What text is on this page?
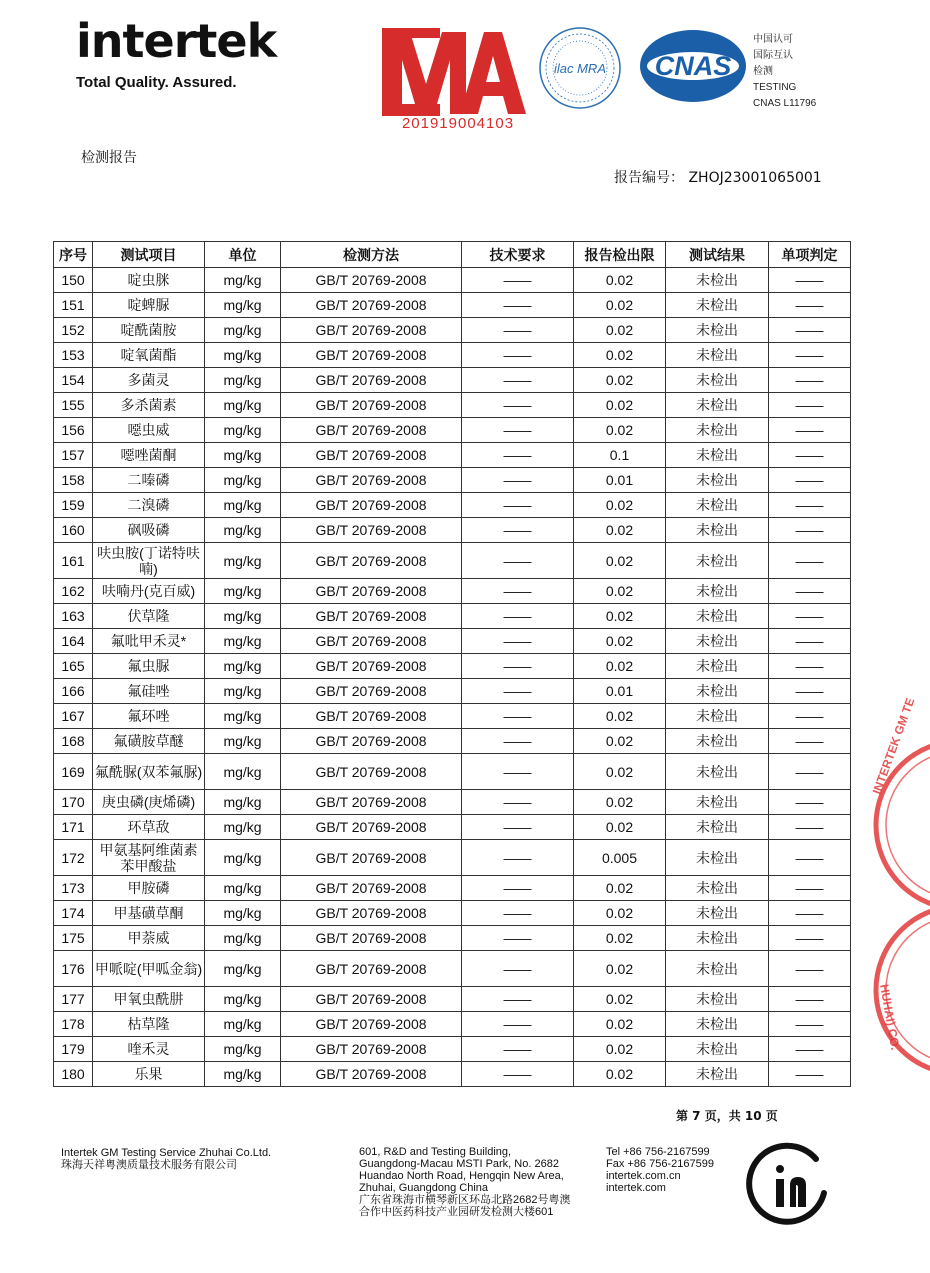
intertek
Total Quality. Assured.
201919004103
ilac MRA CNAS
中国认可
国际互认
检测
TESTING
CNAS L11796
检测报告
报告编号： ZHOJ23001065001
序号	测试项目	单位	检测方法	技术要求	报告检出限	测试结果	单项判定
150	啶虫脒	mg/kg	GB/T 20769-2008	——	0.02	未检出	——
151	啶蜱脲	mg/kg	GB/T 20769-2008	——	0.02	未检出	——
152	啶酰菌胺	mg/kg	GB/T 20769-2008	——	0.02	未检出	——
153	啶氧菌酯	mg/kg	GB/T 20769-2008	——	0.02	未检出	——
154	多菌灵	mg/kg	GB/T 20769-2008	——	0.02	未检出	——
155	多杀菌素	mg/kg	GB/T 20769-2008	——	0.02	未检出	——
156	噁虫威	mg/kg	GB/T 20769-2008	——	0.02	未检出	——
157	噁唑菌酮	mg/kg	GB/T 20769-2008	——	0.1	未检出	——
158	二嗪磷	mg/kg	GB/T 20769-2008	——	0.01	未检出	——
159	二溴磷	mg/kg	GB/T 20769-2008	——	0.02	未检出	——
160	砜吸磷	mg/kg	GB/T 20769-2008	——	0.02	未检出	——
161	呋虫胺(丁诺特呋喃)	mg/kg	GB/T 20769-2008	——	0.02	未检出	——
162	呋喃丹(克百威)	mg/kg	GB/T 20769-2008	——	0.02	未检出	——
163	伏草隆	mg/kg	GB/T 20769-2008	——	0.02	未检出	——
164	氟吡甲禾灵*	mg/kg	GB/T 20769-2008	——	0.02	未检出	——
165	氟虫脲	mg/kg	GB/T 20769-2008	——	0.02	未检出	——
166	氟硅唑	mg/kg	GB/T 20769-2008	——	0.01	未检出	——
167	氟环唑	mg/kg	GB/T 20769-2008	——	0.02	未检出	——
168	氟磺胺草醚	mg/kg	GB/T 20769-2008	——	0.02	未检出	——
169	氟酰脲(双苯氟脲)	mg/kg	GB/T 20769-2008	——	0.02	未检出	——
170	庚虫磷(庚烯磷)	mg/kg	GB/T 20769-2008	——	0.02	未检出	——
171	环草敌	mg/kg	GB/T 20769-2008	——	0.02	未检出	——
172	甲氨基阿维菌素苯甲酸盐	mg/kg	GB/T 20769-2008	——	0.005	未检出	——
173	甲胺磷	mg/kg	GB/T 20769-2008	——	0.02	未检出	——
174	甲基磺草酮	mg/kg	GB/T 20769-2008	——	0.02	未检出	——
175	甲萘威	mg/kg	GB/T 20769-2008	——	0.02	未检出	——
176	甲哌啶(甲呱金翁)	mg/kg	GB/T 20769-2008	——	0.02	未检出	——
177	甲氧虫酰肼	mg/kg	GB/T 20769-2008	——	0.02	未检出	——
178	枯草隆	mg/kg	GB/T 20769-2008	——	0.02	未检出	——
179	喹禾灵	mg/kg	GB/T 20769-2008	——	0.02	未检出	——
180	乐果	mg/kg	GB/T 20769-2008	——	0.02	未检出	——
第 7 页，共 10 页
Intertek GM Testing Service Zhuhai Co.Ltd.
珠海天祥粤澳质量技术服务有限公司
601, R&D and Testing Building,
Guangdong-Macau MSTI Park, No. 2682
Huandao North Road, Hengqin New Area,
Zhuhai, Guangdong China
广东省珠海市横琴新区环岛北路2682号粤澳
合作中医药科技产业园研发检测大楼601
Tel +86 756-2167599
Fax +86 756-2167599
intertek.com.cn
intertek.com
INTERTEK GM TE
HUHAI) CO.
